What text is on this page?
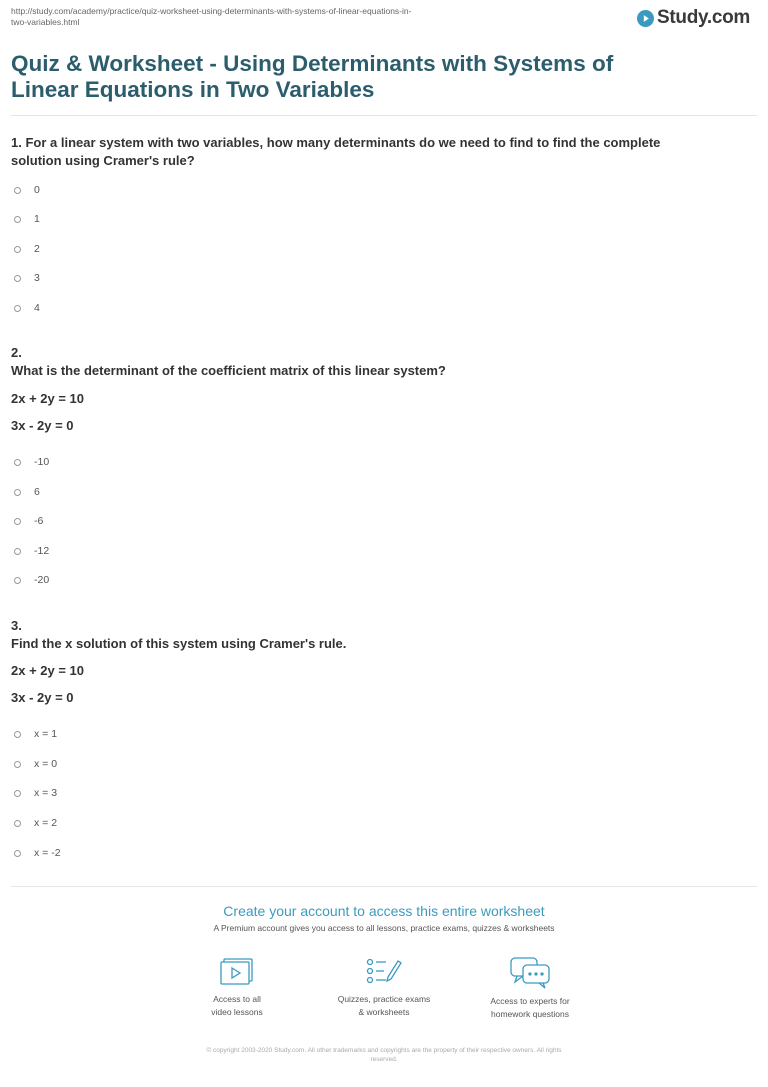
http://study.com/academy/practice/quiz-worksheet-using-determinants-with-systems-of-linear-equations-in-
two-variables.html	Study.com
Quiz & Worksheet - Using Determinants with Systems of
Linear Equations in Two Variables
1. For a linear system with two variables, how many determinants do we need to find to find the complete
solution using Cramer's rule?
0
1
2
3
4
2.
What is the determinant of the coefficient matrix of this linear system?
2x + 2y = 10
3x - 2y = 0
-10
6
-6
-12
-20
3.
Find the x solution of this system using Cramer's rule.
2x + 2y = 10
3x - 2y = 0
x = 1
x = 0
x = 3
x = 2
x = -2
Create your account to access this entire worksheet
A Premium account gives you access to all lessons, practice exams, quizzes & worksheets
Access to all
video lessons
Quizzes, practice exams
& worksheets
Access to experts for
homework questions
© copyright 2003-2020 Study.com. All other trademarks and copyrights are the property of their respective owners. All rights
reserved.
